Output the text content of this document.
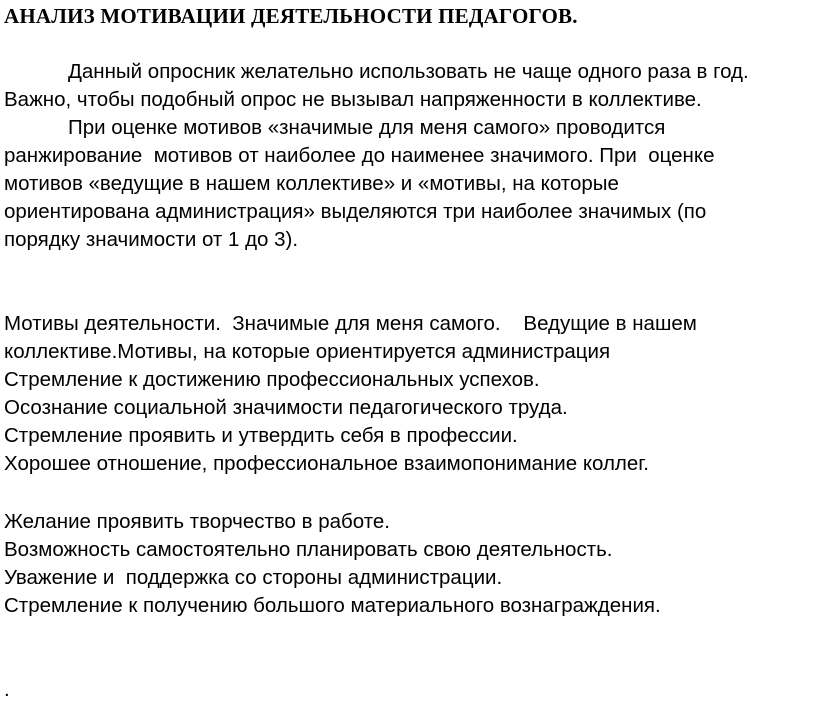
АНАЛИЗ МОТИВАЦИИ ДЕЯТЕЛЬНОСТИ ПЕДАГОГОВ.
Данный опросник желательно использовать не чаще одного раза в год.
Важно, чтобы подобный опрос не вызывал напряженности в коллективе.
При оценке мотивов «значимые для меня самого» проводится
ранжирование  мотивов от наиболее до наименее значимого. При  оценке
мотивов «ведущие в нашем коллективе» и «мотивы, на которые
ориентирована администрация» выделяются три наиболее значимых (по
порядку значимости от 1 до 3).
Мотивы деятельности.  Значимые для меня самого.    Ведущие в нашем
коллективе.Мотивы, на которые ориентируется администрация
Стремление к достижению профессиональных успехов.
Осознание социальной значимости педагогического труда.
Стремление проявить и утвердить себя в профессии.
Хорошее отношение, профессиональное взаимопонимание коллег.
Желание проявить творчество в работе.
Возможность самостоятельно планировать свою деятельность.
Уважение и  поддержка со стороны администрации.
Стремление к получению большого материального вознаграждения.
.
